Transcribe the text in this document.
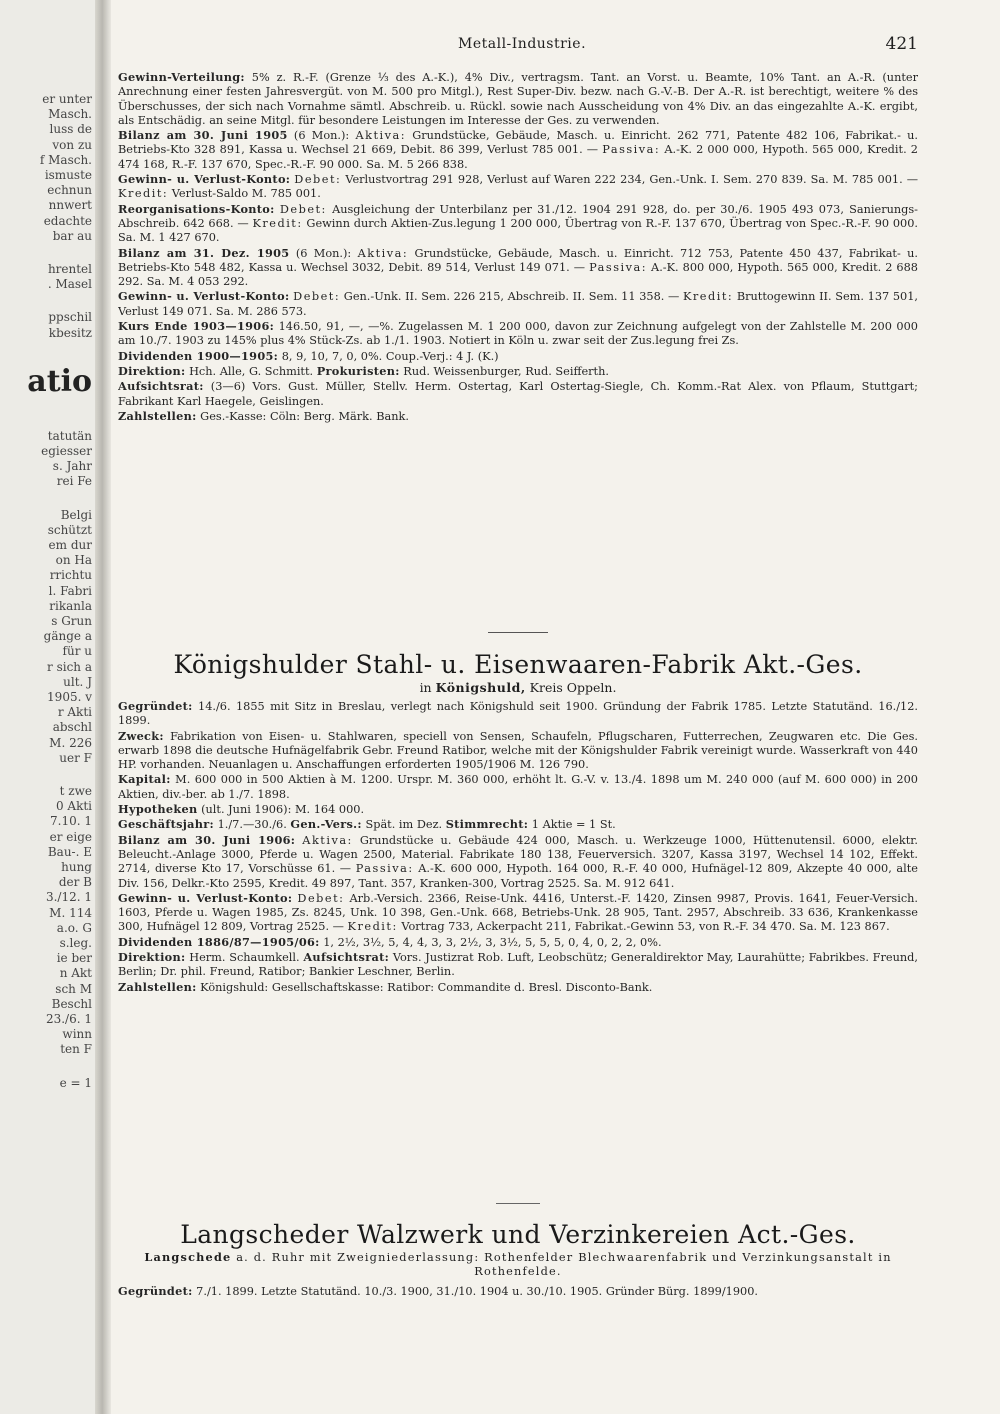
er unter
Masch.
luss de
von zu
f Masch.
ismuste
echnun
nnwert
edachte
bar au
hrentel
. Masel
ppschil
kbesitz
atio
tatutän
egiesser
s. Jahr
rei Fe
Belgi
schützt
em dur
on Ha
rrichtu
l. Fabri
rikanla
s Grun
gänge a
für u
r sich a
ult. J
1905. v
r Akti
abschl
M. 226
uer F
t zwe
0 Akti
7.10. 1
er eige
Bau-. E
hung
der B
3./12. 1
M. 114
a.o. G
s.leg.
ie ber
n Akt
sch M
Beschl
23./6. 1
winn
ten F
e = 1
Metall-Industrie.	421

Gewinn-Verteilung: 5% z. R.-F. (Grenze ⅓ des A.-K.), 4% Div., vertragsm. Tant. an Vorst. u. Beamte, 10% Tant. an A.-R. (unter Anrechnung einer festen Jahresvergüt. von M. 500 pro Mitgl.), Rest Super-Div. bezw. nach G.-V.-B. Der A.-R. ist berechtigt, weitere % des Überschusses, der sich nach Vornahme sämtl. Abschreib. u. Rückl. sowie nach Ausscheidung von 4% Div. an das eingezahlte A.-K. ergibt, als Entschädig. an seine Mitgl. für besondere Leistungen im Interesse der Ges. zu verwenden.

Bilanz am 30. Juni 1905 (6 Mon.): Aktiva: Grundstücke, Gebäude, Masch. u. Einricht. 262 771, Patente 482 106, Fabrikat.- u. Betriebs-Kto 328 891, Kassa u. Wechsel 21 669, Debit. 86 399, Verlust 785 001. — Passiva: A.-K. 2 000 000, Hypoth. 565 000, Kredit. 2 474 168, R.-F. 137 670, Spec.-R.-F. 90 000. Sa. M. 5 266 838.

Gewinn- u. Verlust-Konto: Debet: Verlustvortrag 291 928, Verlust auf Waren 222 234, Gen.-Unk. I. Sem. 270 839. Sa. M. 785 001. — Kredit: Verlust-Saldo M. 785 001.

Reorganisations-Konto: Debet: Ausgleichung der Unterbilanz per 31./12. 1904 291 928, do. per 30./6. 1905 493 073, Sanierungs-Abschreib. 642 668. — Kredit: Gewinn durch Aktien-Zus.legung 1 200 000, Übertrag von R.-F. 137 670, Übertrag von Spec.-R.-F. 90 000. Sa. M. 1 427 670.

Bilanz am 31. Dez. 1905 (6 Mon.): Aktiva: Grundstücke, Gebäude, Masch. u. Einricht. 712 753, Patente 450 437, Fabrikat- u. Betriebs-Kto 548 482, Kassa u. Wechsel 3032, Debit. 89 514, Verlust 149 071. — Passiva: A.-K. 800 000, Hypoth. 565 000, Kredit. 2 688 292. Sa. M. 4 053 292.

Gewinn- u. Verlust-Konto: Debet: Gen.-Unk. II. Sem. 226 215, Abschreib. II. Sem. 11 358. — Kredit: Bruttogewinn II. Sem. 137 501, Verlust 149 071. Sa. M. 286 573.

Kurs Ende 1903—1906: 146.50, 91, —, —%. Zugelassen M. 1 200 000, davon zur Zeichnung aufgelegt von der Zahlstelle M. 200 000 am 10./7. 1903 zu 145% plus 4% Stück-Zs. ab 1./1. 1903. Notiert in Köln u. zwar seit der Zus.legung frei Zs.

Dividenden 1900—1905: 8, 9, 10, 7, 0, 0%. Coup.-Verj.: 4 J. (K.)

Direktion: Hch. Alle, G. Schmitt. Prokuristen: Rud. Weissenburger, Rud. Seifferth.

Aufsichtsrat: (3—6) Vors. Gust. Müller, Stellv. Herm. Ostertag, Karl Ostertag-Siegle, Ch. Komm.-Rat Alex. von Pflaum, Stuttgart; Fabrikant Karl Haegele, Geislingen.

Zahlstellen: Ges.-Kasse: Cöln: Berg. Märk. Bank.

Königshulder Stahl- u. Eisenwaaren-Fabrik Akt.-Ges.
in Königshuld, Kreis Oppeln.

Gegründet: 14./6. 1855 mit Sitz in Breslau, verlegt nach Königshuld seit 1900. Gründung der Fabrik 1785. Letzte Statutänd. 16./12. 1899.

Zweck: Fabrikation von Eisen- u. Stahlwaren, speciell von Sensen, Schaufeln, Pflugscharen, Futterrechen, Zeugwaren etc. Die Ges. erwarb 1898 die deutsche Hufnägelfabrik Gebr. Freund Ratibor, welche mit der Königshulder Fabrik vereinigt wurde. Wasserkraft von 440 HP. vorhanden. Neuanlagen u. Anschaffungen erforderten 1905/1906 M. 126 790.

Kapital: M. 600 000 in 500 Aktien à M. 1200. Urspr. M. 360 000, erhöht lt. G.-V. v. 13./4. 1898 um M. 240 000 (auf M. 600 000) in 200 Aktien, div.-ber. ab 1./7. 1898.

Hypotheken (ult. Juni 1906): M. 164 000.

Geschäftsjahr: 1./7.—30./6. Gen.-Vers.: Spät. im Dez. Stimmrecht: 1 Aktie = 1 St.

Bilanz am 30. Juni 1906: Aktiva: Grundstücke u. Gebäude 424 000, Masch. u. Werkzeuge 1000, Hüttenutensil. 6000, elektr. Beleucht.-Anlage 3000, Pferde u. Wagen 2500, Material. Fabrikate 180 138, Feuerversich. 3207, Kassa 3197, Wechsel 14 102, Effekt. 2714, diverse Kto 17, Vorschüsse 61. — Passiva: A.-K. 600 000, Hypoth. 164 000, R.-F. 40 000, Hufnägel-12 809, Akzepte 40 000, alte Div. 156, Delkr.-Kto 2595, Kredit. 49 897, Tant. 357, Kranken-300, Vortrag 2525. Sa. M. 912 641.

Gewinn- u. Verlust-Konto: Debet: Arb.-Versich. 2366, Reise-Unk. 4416, Unterst.-F. 1420, Zinsen 9987, Provis. 1641, Feuer-Versich. 1603, Pferde u. Wagen 1985, Zs. 8245, Unk. 10 398, Gen.-Unk. 668, Betriebs-Unk. 28 905, Tant. 2957, Abschreib. 33 636, Krankenkasse 300, Hufnägel 12 809, Vortrag 2525. — Kredit: Vortrag 733, Ackerpacht 211, Fabrikat.-Gewinn 53, von R.-F. 34 470. Sa. M. 123 867.

Dividenden 1886/87—1905/06: 1, 2½, 3½, 5, 4, 4, 3, 3, 2½, 3, 3½, 5, 5, 5, 0, 4, 0, 2, 2, 0%.

Direktion: Herm. Schaumkell. Aufsichtsrat: Vors. Justizrat Rob. Luft, Leobschütz; Generaldirektor May, Laurahütte; Fabrikbes. Freund, Berlin; Dr. phil. Freund, Ratibor; Bankier Leschner, Berlin.

Zahlstellen: Königshuld: Gesellschaftskasse: Ratibor: Commandite d. Bresl. Disconto-Bank.

Langscheder Walzwerk und Verzinkereien Act.-Ges.
Langschede a. d. Ruhr mit Zweigniederlassung: Rothenfelder Blechwaarenfabrik und Verzinkungsanstalt in Rothenfelde.

Gegründet: 7./1. 1899. Letzte Statutänd. 10./3. 1900, 31./10. 1904 u. 30./10. 1905. Gründer Bürg. 1899/1900.
